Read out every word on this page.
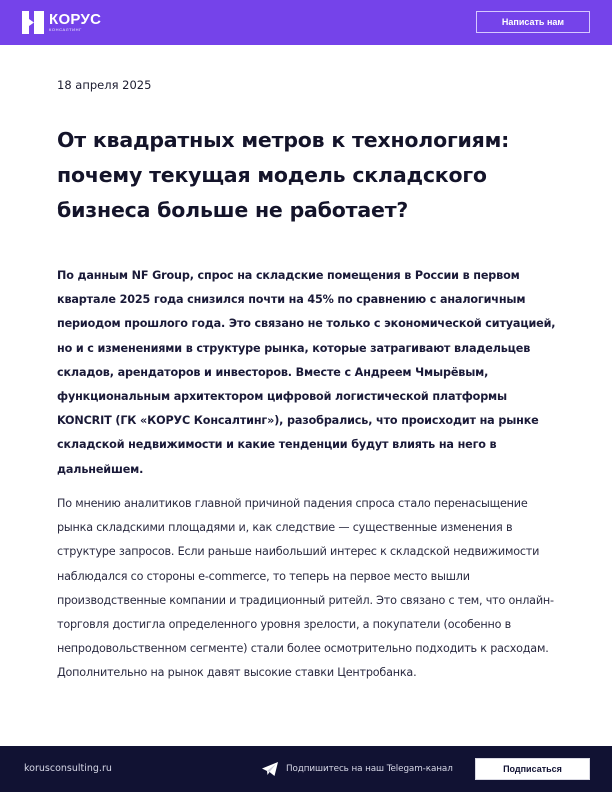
КОРУС
КОНСАЛТИНГ
Написать нам
18 апреля 2025
От квадратных метров к технологиям: почему текущая модель складского бизнеса больше не работает?

По данным NF Group, спрос на складские помещения в России в первом квартале 2025 года снизился почти на 45% по сравнению с аналогичным периодом прошлого года. Это связано не только с экономической ситуацией, но и с изменениями в структуре рынка, которые затрагивают владельцев складов, арендаторов и инвесторов. Вместе с Андреем Чмырёвым, функциональным архитектором цифровой логистической платформы KONCRIT (ГК «КОРУС Консалтинг»), разобрались, что происходит на рынке складской недвижимости и какие тенденции будут влиять на него в дальнейшем.

По мнению аналитиков главной причиной падения спроса стало перенасыщение рынка складскими площадями и, как следствие — существенные изменения в структуре запросов. Если раньше наибольший интерес к складской недвижимости наблюдался со стороны e-commerce, то теперь на первое место вышли производственные компании и традиционный ритейл. Это связано с тем, что онлайн-торговля достигла определенного уровня зрелости, а покупатели (особенно в непродовольственном сегменте) стали более осмотрительно подходить к расходам. Дополнительно на рынок давят высокие ставки Центробанка.

korusconsulting.ru	Подпишитесь на наш Telegam-канал	Подписаться
